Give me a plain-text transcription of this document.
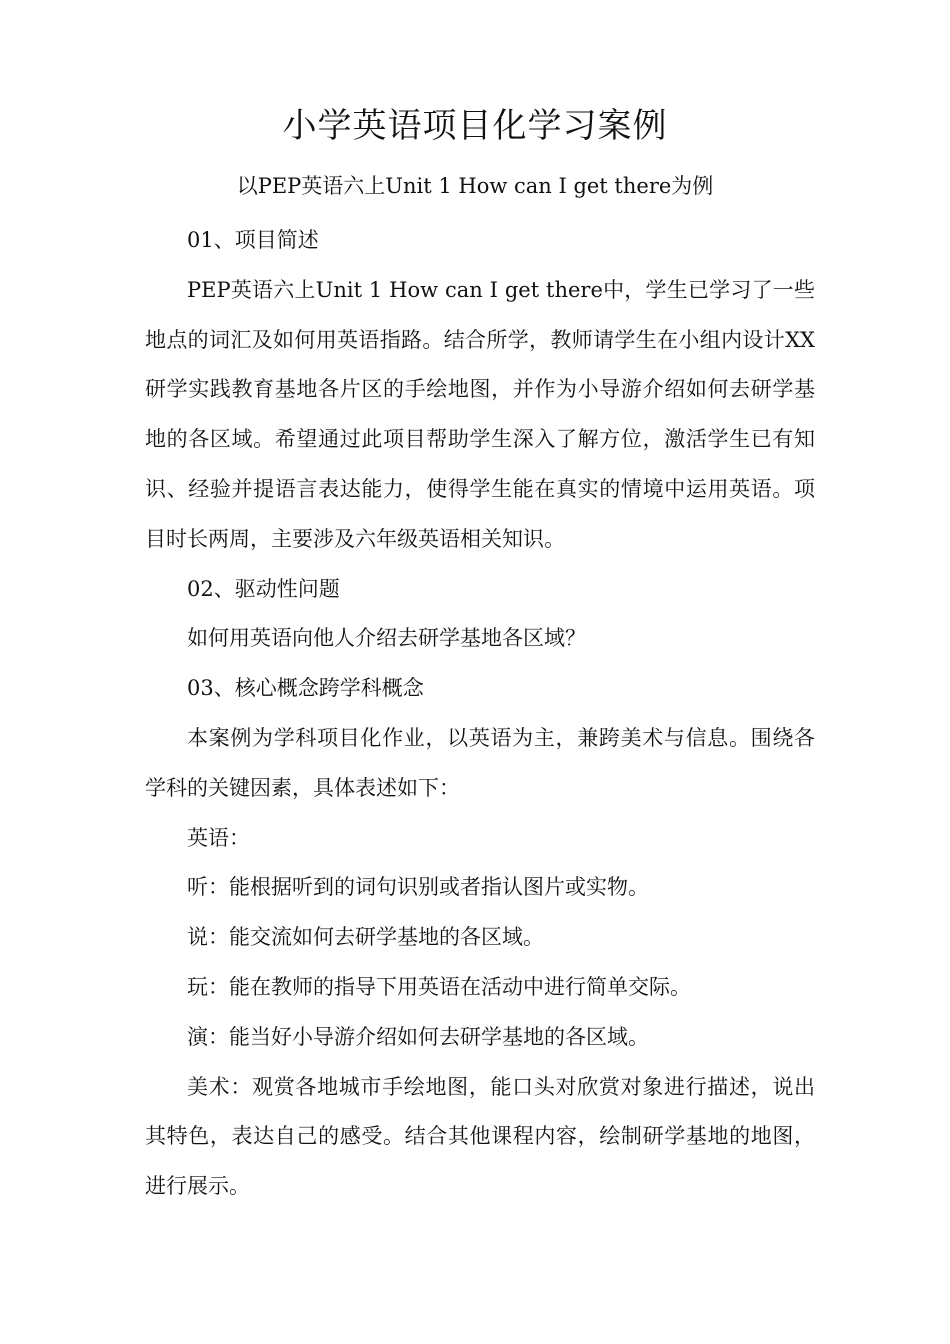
小学英语项目化学习案例
以PEP英语六上Unit 1 How can I get there为例

01、项目简述

PEP英语六上Unit 1 How can I get there中，学生已学习了一些地点的词汇及如何用英语指路。结合所学，教师请学生在小组内设计XX研学实践教育基地各片区的手绘地图，并作为小导游介绍如何去研学基地的各区域。希望通过此项目帮助学生深入了解方位，激活学生已有知识、经验并提语言表达能力，使得学生能在真实的情境中运用英语。项目时长两周，主要涉及六年级英语相关知识。

02、驱动性问题

如何用英语向他人介绍去研学基地各区域？

03、核心概念跨学科概念

本案例为学科项目化作业，以英语为主，兼跨美术与信息。围绕各学科的关键因素，具体表述如下：

英语：

听：能根据听到的词句识别或者指认图片或实物。

说：能交流如何去研学基地的各区域。

玩：能在教师的指导下用英语在活动中进行简单交际。

演：能当好小导游介绍如何去研学基地的各区域。

美术：观赏各地城市手绘地图，能口头对欣赏对象进行描述，说出其特色，表达自己的感受。结合其他课程内容，绘制研学基地的地图，进行展示。
